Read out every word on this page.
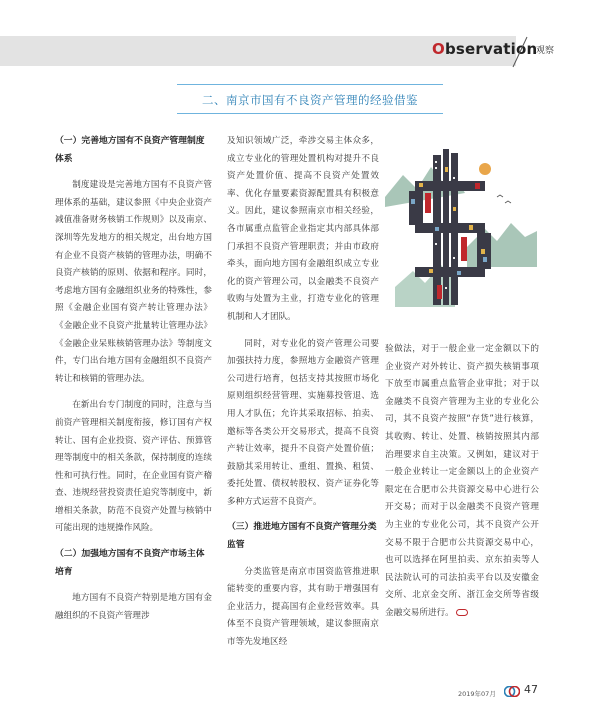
Observation
观察
二、南京市国有不良资产管理的经验借鉴
（一）完善地方国有不良资产管理制度体系

制度建设是完善地方国有不良资产管理体系的基础，建议参照《中央企业资产减值准备财务核销工作规则》以及南京、深圳等先发地方的相关规定，出台地方国有企业不良资产核销的管理办法，明确不良资产核销的原则、依据和程序。同时，考虑地方国有金融组织业务的特殊性，参照《金融企业国有资产转让管理办法》《金融企业不良资产批量转让管理办法》《金融企业呆账核销管理办法》等制度文件，专门出台地方国有金融组织不良资产转让和核销的管理办法。

在新出台专门制度的同时，注意与当前资产管理相关制度衔接，修订国有产权转让、国有企业投资、资产评估、预算管理等制度中的相关条款，保持制度的连续性和可执行性。同时，在企业国有资产稽查、违规经营投资责任追究等制度中，新增相关条款，防范不良资产处置与核销中可能出现的违规操作风险。

（二）加强地方国有不良资产市场主体培育

地方国有不良资产特别是地方国有金融组织的不良资产管理涉

及知识领域广泛，牵涉交易主体众多，成立专业化的管理处置机构对提升不良资产处置价值、提高不良资产处置效率、优化存量要素资源配置具有积极意义。因此，建议参照南京市相关经验，各市属重点监管企业指定其内部具体部门承担不良资产管理职责；并由市政府牵头，面向地方国有金融组织成立专业化的资产管理公司，以金融类不良资产收购与处置为主业，打造专业化的管理机制和人才团队。

同时，对专业化的资产管理公司要加强扶持力度，参照地方金融资产管理公司进行培育，包括支持其按照市场化原则组织经营管理、实施募投管退、选用人才队伍；允许其采取招标、拍卖、邀标等各类公开交易形式，提高不良资产转让效率，提升不良资产处置价值；鼓励其采用转让、重组、置换、租赁、委托处置、债权转股权、资产证券化等多种方式运营不良资产。

（三）推进地方国有不良资产管理分类监管

分类监管是南京市国资监管推进职能转变的重要内容，其有助于增强国有企业活力，提高国有企业经营效率。具体至不良资产管理领域，建议参照南京市等先发地区经

验做法，对于一般企业一定金额以下的企业资产对外转让、资产损失核销事项下放至市属重点监管企业审批；对于以金融类不良资产管理为主业的专业化公司，其不良资产按照“存货”进行核算，其收购、转让、处置、核销按照其内部治理要求自主决策。又例如，建议对于一般企业转让一定金额以上的企业资产限定在合肥市公共资源交易中心进行公开交易；而对于以金融类不良资产管理为主业的专业化公司，其不良资产公开交易不限于合肥市公共资源交易中心，也可以选择在阿里拍卖、京东拍卖等人民法院认可的司法拍卖平台以及安徽金交所、北京金交所、浙江金交所等省级金融交易所进行。

2019年07月	47
